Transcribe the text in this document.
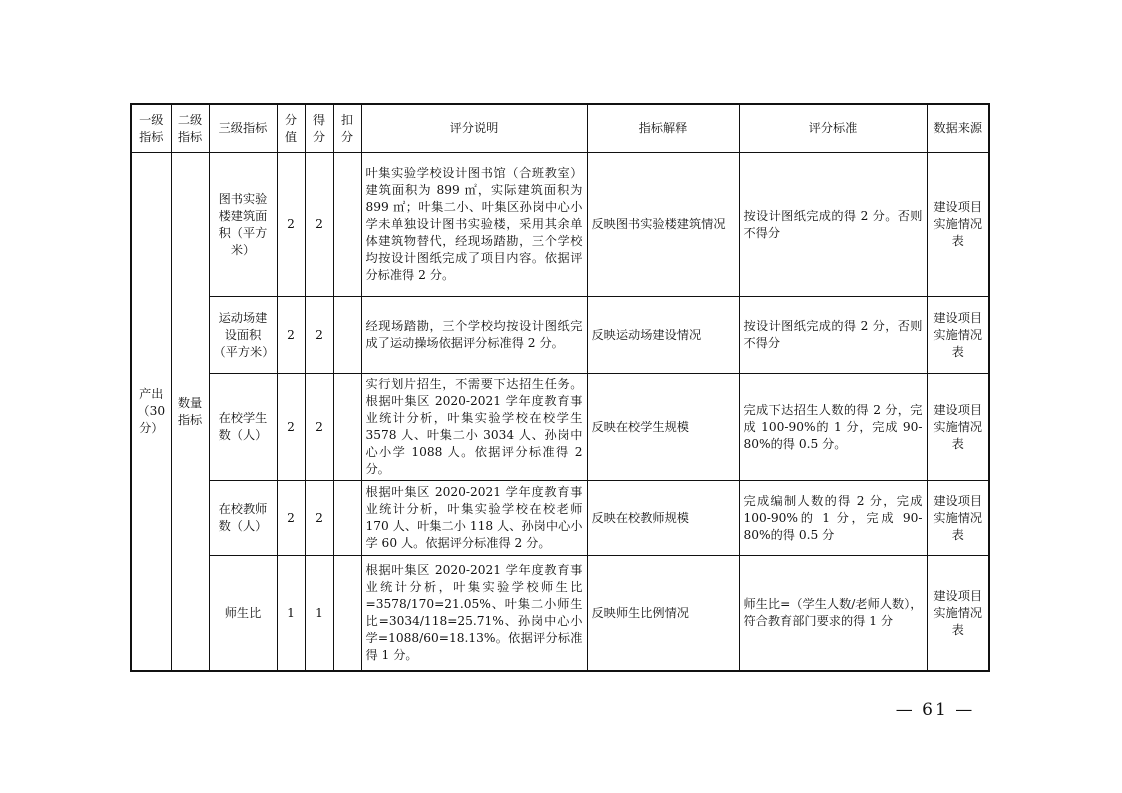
一级指标	二级指标	三级指标	分值	得分	扣分	评分说明	指标解释	评分标准	数据来源
产出（30分）	数量指标	图书实验楼建筑面积（平方米）	2	2		叶集实验学校设计图书馆（合班教室）建筑面积为 899 ㎡，实际建筑面积为 899 ㎡；叶集二小、叶集区孙岗中心小学未单独设计图书实验楼，采用其余单体建筑物替代，经现场踏勘，三个学校均按设计图纸完成了项目内容。依据评分标准得 2 分。	反映图书实验楼建筑情况	按设计图纸完成的得 2 分。否则不得分	建设项目实施情况表
		运动场建设面积（平方米）	2	2		经现场踏勘，三个学校均按设计图纸完成了运动操场依据评分标准得 2 分。	反映运动场建设情况	按设计图纸完成的得 2 分，否则不得分	建设项目实施情况表
		在校学生数（人）	2	2		实行划片招生，不需要下达招生任务。根据叶集区 2020-2021 学年度教育事业统计分析，叶集实验学校在校学生 3578 人、叶集二小 3034 人、孙岗中心小学 1088 人。依据评分标准得 2 分。	反映在校学生规模	完成下达招生人数的得 2 分，完成 100-90%的 1 分，完成 90-80%的得 0.5 分。	建设项目实施情况表
		在校教师数（人）	2	2		根据叶集区 2020-2021 学年度教育事业统计分析，叶集实验学校在校老师 170 人、叶集二小 118 人、孙岗中心小学 60 人。依据评分标准得 2 分。	反映在校教师规模	完成编制人数的得 2 分，完成 100-90%的 1 分，完成 90-80%的得 0.5 分	建设项目实施情况表
		师生比	1	1		根据叶集区 2020-2021 学年度教育事业统计分析，叶集实验学校师生比=3578/170=21.05%、叶集二小师生比=3034/118=25.71%、孙岗中心小学=1088/60=18.13%。依据评分标准得 1 分。	反映师生比例情况	师生比=（学生人数/老师人数），符合教育部门要求的得 1 分	建设项目实施情况表
— 61 —
